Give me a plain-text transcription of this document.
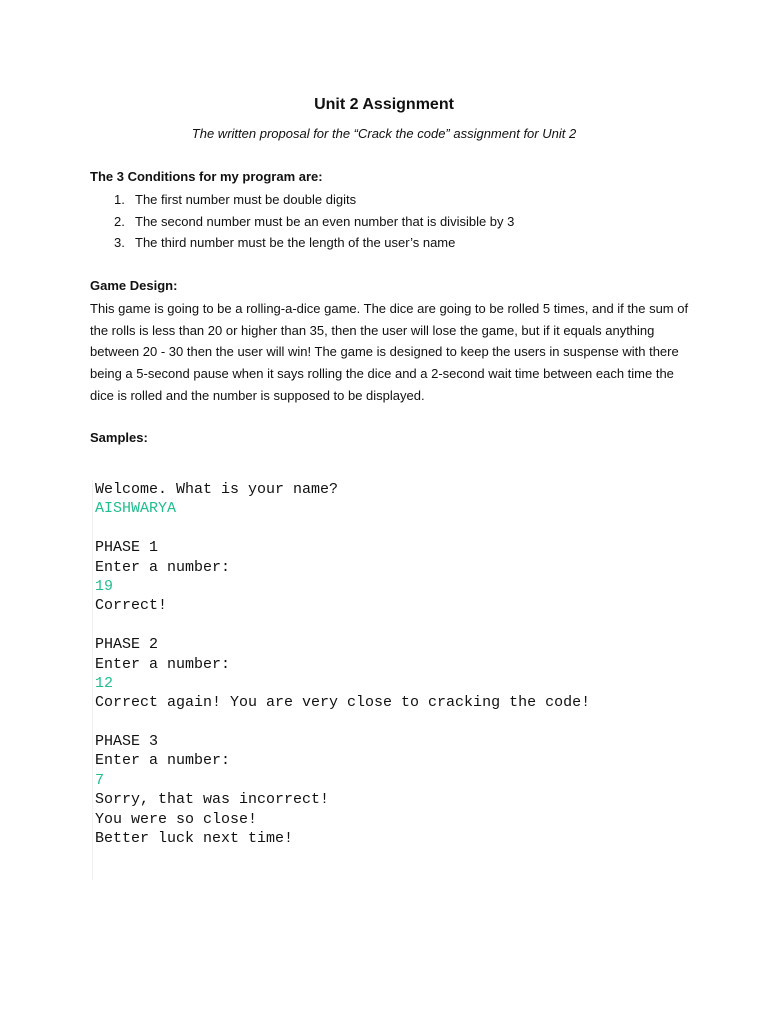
Unit 2 Assignment
The written proposal for the “Crack the code” assignment for Unit 2
The 3 Conditions for my program are:
1. The first number must be double digits
2. The second number must be an even number that is divisible by 3
3. The third number must be the length of the user’s name
Game Design:
This game is going to be a rolling-a-dice game. The dice are going to be rolled 5 times, and if the sum of the rolls is less than 20 or higher than 35, then the user will lose the game, but if it equals anything between 20 - 30 then the user will win! The game is designed to keep the users in suspense with there being a 5-second pause when it says rolling the dice and a 2-second wait time between each time the dice is rolled and the number is supposed to be displayed.
Samples:
Welcome. What is your name?
AISHWARYA
PHASE 1
Enter a number:
19
Correct!
PHASE 2
Enter a number:
12
Correct again! You are very close to cracking the code!
PHASE 3
Enter a number:
7
Sorry, that was incorrect!
You were so close!
Better luck next time!
